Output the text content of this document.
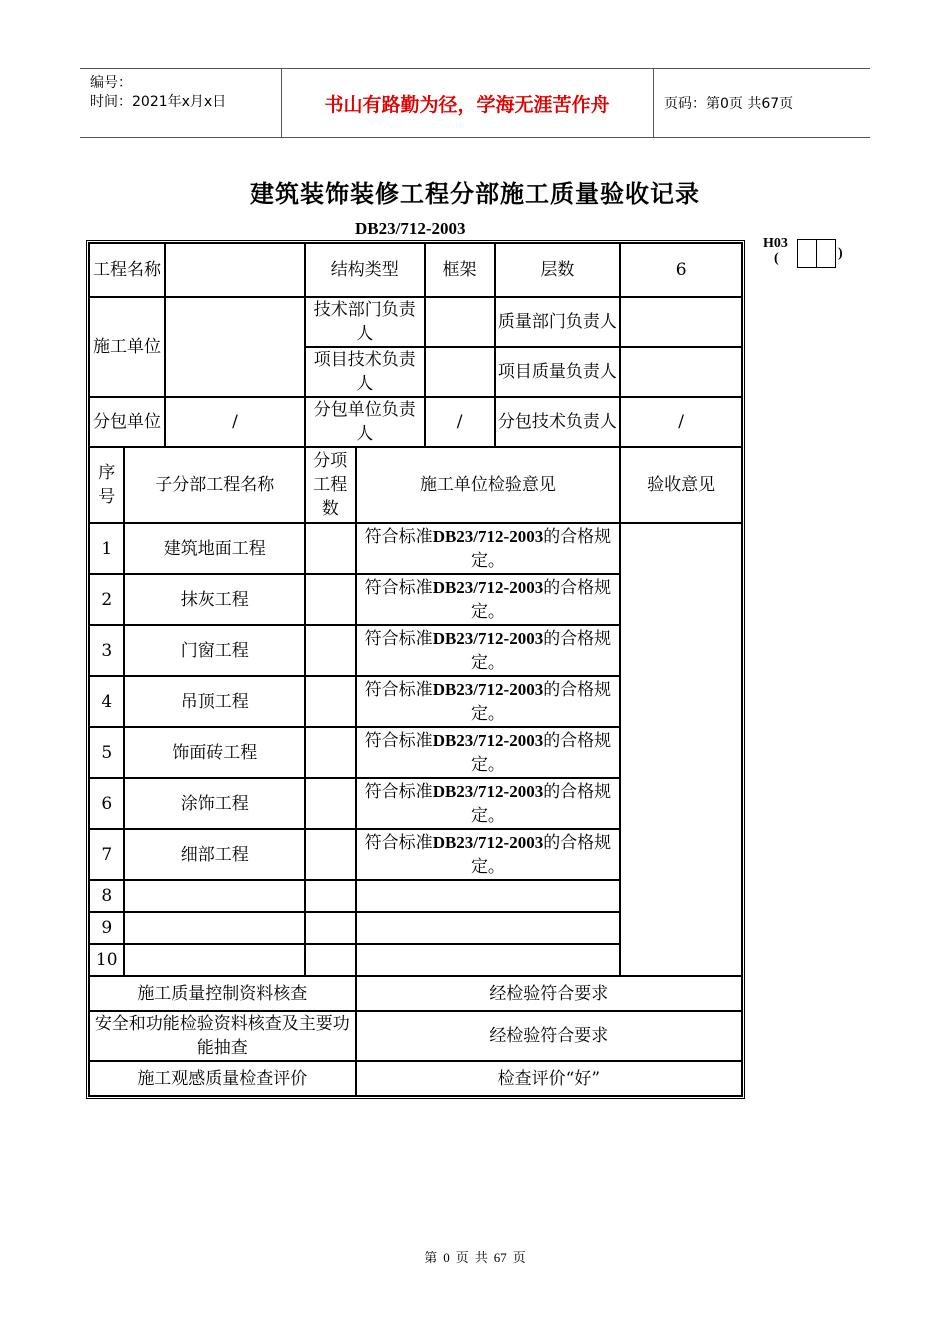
编号：
时间：2021年x月x日	书山有路勤为径，学海无涯苦作舟	页码：第0页 共67页
建筑装饰装修工程分部施工质量验收记录
DB23/712-2003
H03
(	)
工程名称			结构类型		框架	层数	6
施工单位			技术部门负责人			质量部门负责人	
			项目技术负责人			项目质量负责人	
分包单位		/	分包单位负责人		/	分包技术负责人	/
序号	子分部工程名称		分项工程数	施工单位检验意见			验收意见
1	建筑地面工程			符合标准DB23/712-2003的合格规定。			
2	抹灰工程			符合标准DB23/712-2003的合格规定。			
3	门窗工程			符合标准DB23/712-2003的合格规定。			
4	吊顶工程			符合标准DB23/712-2003的合格规定。			
5	饰面砖工程			符合标准DB23/712-2003的合格规定。			
6	涂饰工程			符合标准DB23/712-2003的合格规定。			
7	细部工程			符合标准DB23/712-2003的合格规定。			
8							
9							
10							
施工质量控制资料核查				经检验符合要求			
安全和功能检验资料核查及主要功能抽查				经检验符合要求			
施工观感质量检查评价				检查评价“好”			
第 0 页 共 67 页
